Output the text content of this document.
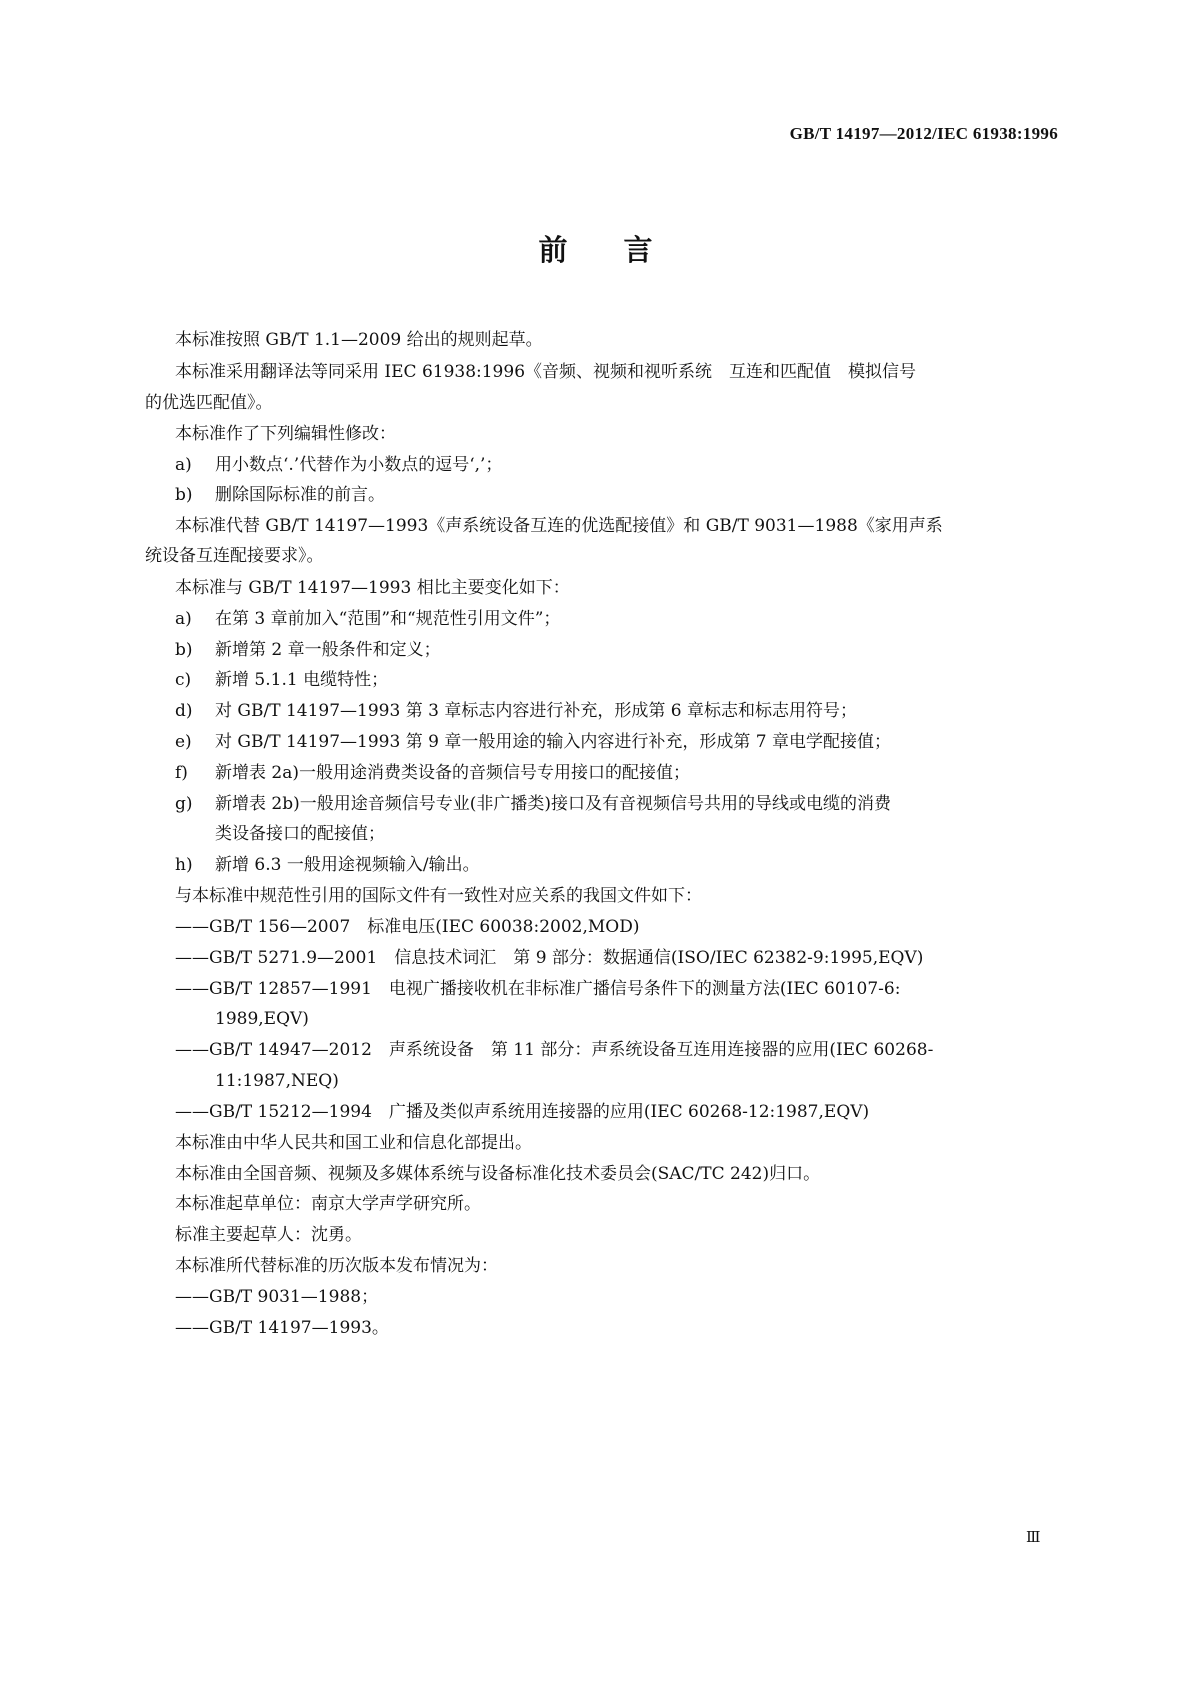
GB/T 14197—2012/IEC 61938:1996
前言
本标准按照 GB/T 1.1—2009 给出的规则起草。
本标准采用翻译法等同采用 IEC 61938:1996《音频、视频和视听系统　互连和匹配值　模拟信号
的优选匹配值》。
本标准作了下列编辑性修改：
a) 用小数点‘.’代替作为小数点的逗号‘,’；
b) 删除国际标准的前言。
本标准代替 GB/T 14197—1993《声系统设备互连的优选配接值》和 GB/T 9031—1988《家用声系
统设备互连配接要求》。
本标准与 GB/T 14197—1993 相比主要变化如下：
a) 在第 3 章前加入“范围”和“规范性引用文件”；
b) 新增第 2 章一般条件和定义；
c) 新增 5.1.1 电缆特性；
d) 对 GB/T 14197—1993 第 3 章标志内容进行补充，形成第 6 章标志和标志用符号；
e) 对 GB/T 14197—1993 第 9 章一般用途的输入内容进行补充，形成第 7 章电学配接值；
f) 新增表 2a)一般用途消费类设备的音频信号专用接口的配接值；
g) 新增表 2b)一般用途音频信号专业(非广播类)接口及有音视频信号共用的导线或电缆的消费
类设备接口的配接值；
h) 新增 6.3 一般用途视频输入/输出。
与本标准中规范性引用的国际文件有一致性对应关系的我国文件如下：
——GB/T 156—2007　标准电压(IEC 60038:2002,MOD)
——GB/T 5271.9—2001　信息技术词汇　第 9 部分：数据通信(ISO/IEC 62382-9:1995,EQV)
——GB/T 12857—1991　电视广播接收机在非标准广播信号条件下的测量方法(IEC 60107-6:
1989,EQV)
——GB/T 14947—2012　声系统设备　第 11 部分：声系统设备互连用连接器的应用(IEC 60268-
11:1987,NEQ)
——GB/T 15212—1994　广播及类似声系统用连接器的应用(IEC 60268-12:1987,EQV)
本标准由中华人民共和国工业和信息化部提出。
本标准由全国音频、视频及多媒体系统与设备标准化技术委员会(SAC/TC 242)归口。
本标准起草单位：南京大学声学研究所。
标准主要起草人：沈勇。
本标准所代替标准的历次版本发布情况为：
——GB/T 9031—1988；
——GB/T 14197—1993。
Ⅲ
